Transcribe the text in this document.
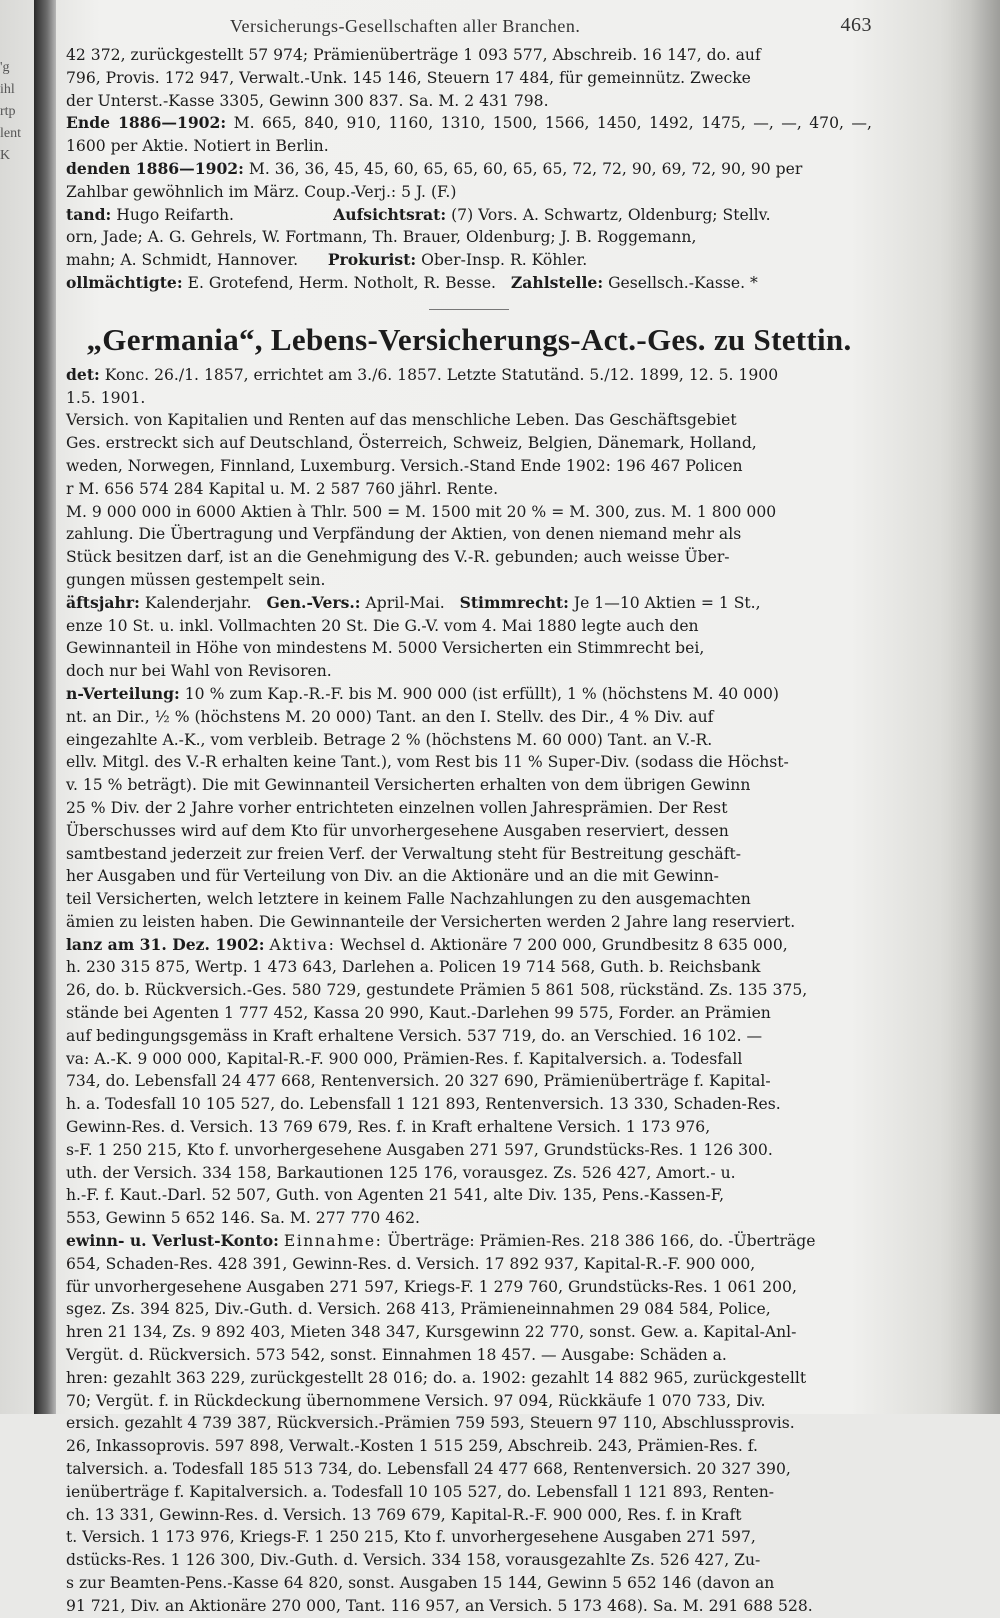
'g
ihl
rtp
lent
K
Versicherungs-Gesellschaften aller Branchen.	463

42 372, zurückgestellt 57 974; Prämienüberträge 1 093 577, Abschreib. 16 147, do. auf

796, Provis. 172 947, Verwalt.-Unk. 145 146, Steuern 17 484, für gemeinnütz. Zwecke

der Unterst.-Kasse 3305, Gewinn 300 837. Sa. M. 2 431 798.

Ende 1886—1902: M. 665, 840, 910, 1160, 1310, 1500, 1566, 1450, 1492, 1475, —, —, 470, —, 1600 per Aktie. Notiert in Berlin.

denden 1886—1902: M. 36, 36, 45, 45, 60, 65, 65, 60, 65, 65, 72, 72, 90, 69, 72, 90, 90 per

Zahlbar gewöhnlich im März. Coup.-Verj.: 5 J. (F.)

tand: Hugo Reifarth.	Aufsichtsrat: (7) Vors. A. Schwartz, Oldenburg; Stellv.

orn, Jade; A. G. Gehrels, W. Fortmann, Th. Brauer, Oldenburg; J. B. Roggemann,

mahn; A. Schmidt, Hannover. Prokurist: Ober-Insp. R. Köhler.

ollmächtigte: E. Grotefend, Herm. Notholt, R. Besse. Zahlstelle: Gesellsch.-Kasse. *

„Germania“, Lebens-Versicherungs-Act.-Ges. zu Stettin.

det: Konc. 26./1. 1857, errichtet am 3./6. 1857. Letzte Statutänd. 5./12. 1899, 12. 5. 1900

1.5. 1901.

Versich. von Kapitalien und Renten auf das menschliche Leben. Das Geschäftsgebiet

Ges. erstreckt sich auf Deutschland, Österreich, Schweiz, Belgien, Dänemark, Holland,

weden, Norwegen, Finnland, Luxemburg. Versich.-Stand Ende 1902: 196 467 Policen

r M. 656 574 284 Kapital u. M. 2 587 760 jährl. Rente.

M. 9 000 000 in 6000 Aktien à Thlr. 500 = M. 1500 mit 20 % = M. 300, zus. M. 1 800 000

zahlung. Die Übertragung und Verpfändung der Aktien, von denen niemand mehr als

Stück besitzen darf, ist an die Genehmigung des V.-R. gebunden; auch weisse Über-

gungen müssen gestempelt sein.

äftsjahr: Kalenderjahr. Gen.-Vers.: April-Mai. Stimmrecht: Je 1—10 Aktien = 1 St.,

enze 10 St. u. inkl. Vollmachten 20 St. Die G.-V. vom 4. Mai 1880 legte auch den

Gewinnanteil in Höhe von mindestens M. 5000 Versicherten ein Stimmrecht bei,

doch nur bei Wahl von Revisoren.

n-Verteilung: 10 % zum Kap.-R.-F. bis M. 900 000 (ist erfüllt), 1 % (höchstens M. 40 000)

nt. an Dir., ½ % (höchstens M. 20 000) Tant. an den I. Stellv. des Dir., 4 % Div. auf

eingezahlte A.-K., vom verbleib. Betrage 2 % (höchstens M. 60 000) Tant. an V.-R.

ellv. Mitgl. des V.-R erhalten keine Tant.), vom Rest bis 11 % Super-Div. (sodass die Höchst-

v. 15 % beträgt). Die mit Gewinnanteil Versicherten erhalten von dem übrigen Gewinn

25 % Div. der 2 Jahre vorher entrichteten einzelnen vollen Jahresprämien. Der Rest

Überschusses wird auf dem Kto für unvorhergesehene Ausgaben reserviert, dessen

samtbestand jederzeit zur freien Verf. der Verwaltung steht für Bestreitung geschäft-

her Ausgaben und für Verteilung von Div. an die Aktionäre und an die mit Gewinn-

teil Versicherten, welch letztere in keinem Falle Nachzahlungen zu den ausgemachten

ämien zu leisten haben. Die Gewinnanteile der Versicherten werden 2 Jahre lang reserviert.

lanz am 31. Dez. 1902: Aktiva: Wechsel d. Aktionäre 7 200 000, Grundbesitz 8 635 000,

h. 230 315 875, Wertp. 1 473 643, Darlehen a. Policen 19 714 568, Guth. b. Reichsbank

26, do. b. Rückversich.-Ges. 580 729, gestundete Prämien 5 861 508, rückständ. Zs. 135 375,

stände bei Agenten 1 777 452, Kassa 20 990, Kaut.-Darlehen 99 575, Forder. an Prämien

auf bedingungsgemäss in Kraft erhaltene Versich. 537 719, do. an Verschied. 16 102. —

va: A.-K. 9 000 000, Kapital-R.-F. 900 000, Prämien-Res. f. Kapitalversich. a. Todesfall

734, do. Lebensfall 24 477 668, Rentenversich. 20 327 690, Prämienüberträge f. Kapital-

h. a. Todesfall 10 105 527, do. Lebensfall 1 121 893, Rentenversich. 13 330, Schaden-Res.

Gewinn-Res. d. Versich. 13 769 679, Res. f. in Kraft erhaltene Versich. 1 173 976,

s-F. 1 250 215, Kto f. unvorhergesehene Ausgaben 271 597, Grundstücks-Res. 1 126 300.

uth. der Versich. 334 158, Barkautionen 125 176, vorausgez. Zs. 526 427, Amort.- u.

h.-F. f. Kaut.-Darl. 52 507, Guth. von Agenten 21 541, alte Div. 135, Pens.-Kassen-F,

553, Gewinn 5 652 146. Sa. M. 277 770 462.

ewinn- u. Verlust-Konto: Einnahme: Überträge: Prämien-Res. 218 386 166, do. -Überträge

654, Schaden-Res. 428 391, Gewinn-Res. d. Versich. 17 892 937, Kapital-R.-F. 900 000,

für unvorhergesehene Ausgaben 271 597, Kriegs-F. 1 279 760, Grundstücks-Res. 1 061 200,

sgez. Zs. 394 825, Div.-Guth. d. Versich. 268 413, Prämieneinnahmen 29 084 584, Police,

hren 21 134, Zs. 9 892 403, Mieten 348 347, Kursgewinn 22 770, sonst. Gew. a. Kapital-Anl-

Vergüt. d. Rückversich. 573 542, sonst. Einnahmen 18 457. — Ausgabe: Schäden a.

hren: gezahlt 363 229, zurückgestellt 28 016; do. a. 1902: gezahlt 14 882 965, zurückgestellt

70; Vergüt. f. in Rückdeckung übernommene Versich. 97 094, Rückkäufe 1 070 733, Div.

ersich. gezahlt 4 739 387, Rückversich.-Prämien 759 593, Steuern 97 110, Abschlussprovis.

26, Inkassoprovis. 597 898, Verwalt.-Kosten 1 515 259, Abschreib. 243, Prämien-Res. f.

talversich. a. Todesfall 185 513 734, do. Lebensfall 24 477 668, Rentenversich. 20 327 390,

ienüberträge f. Kapitalversich. a. Todesfall 10 105 527, do. Lebensfall 1 121 893, Renten-

ch. 13 331, Gewinn-Res. d. Versich. 13 769 679, Kapital-R.-F. 900 000, Res. f. in Kraft

t. Versich. 1 173 976, Kriegs-F. 1 250 215, Kto f. unvorhergesehene Ausgaben 271 597,

dstücks-Res. 1 126 300, Div.-Guth. d. Versich. 334 158, vorausgezahlte Zs. 526 427, Zu-

s zur Beamten-Pens.-Kasse 64 820, sonst. Ausgaben 15 144, Gewinn 5 652 146 (davon an

91 721, Div. an Aktionäre 270 000, Tant. 116 957, an Versich. 5 173 468). Sa. M. 291 688 528.
